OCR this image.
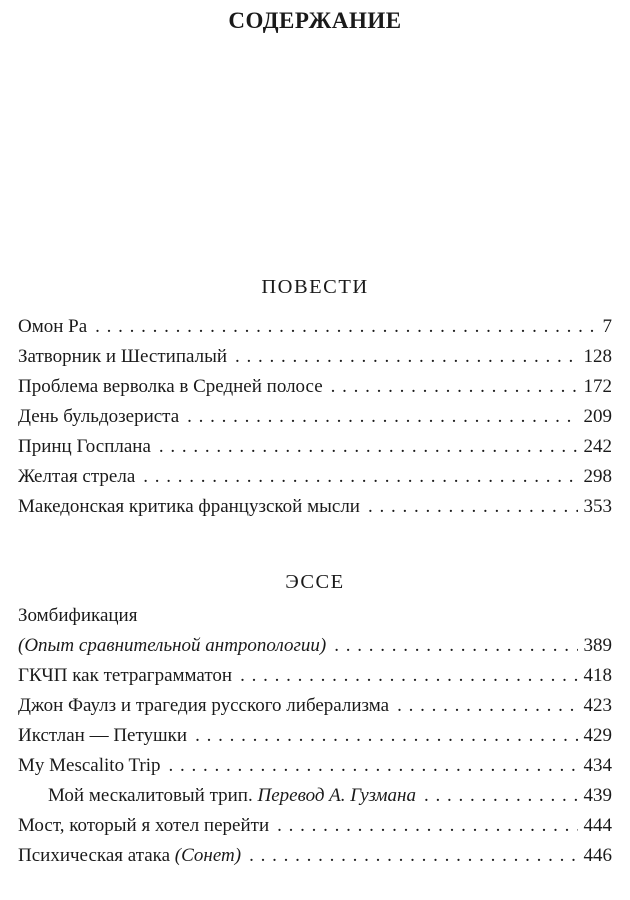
СОДЕРЖАНИЕ
ПОВЕСТИ
Омон Ра . . .	7
Затворник и Шестипалый . . .	128
Проблема верволка в Средней полосе . . .	172
День бульдозериста . . .	209
Принц Госплана . . .	242
Желтая стрела . . .	298
Македонская критика французской мысли . . .	353
ЭССЕ
Зомбификация
(Опыт сравнительной антропологии) . . .	389
ГКЧП как тетраграмматон . . .	418
Джон Фаулз и трагедия русского либерализма . . .	423
Икстлан — Петушки . . .	429
My Mescalito Trip . . .	434
Мой мескалитовый трип. Перевод А. Гузмана . . .	439
Мост, который я хотел перейти . . .	444
Психическая атака (Сонет) . . .	446
